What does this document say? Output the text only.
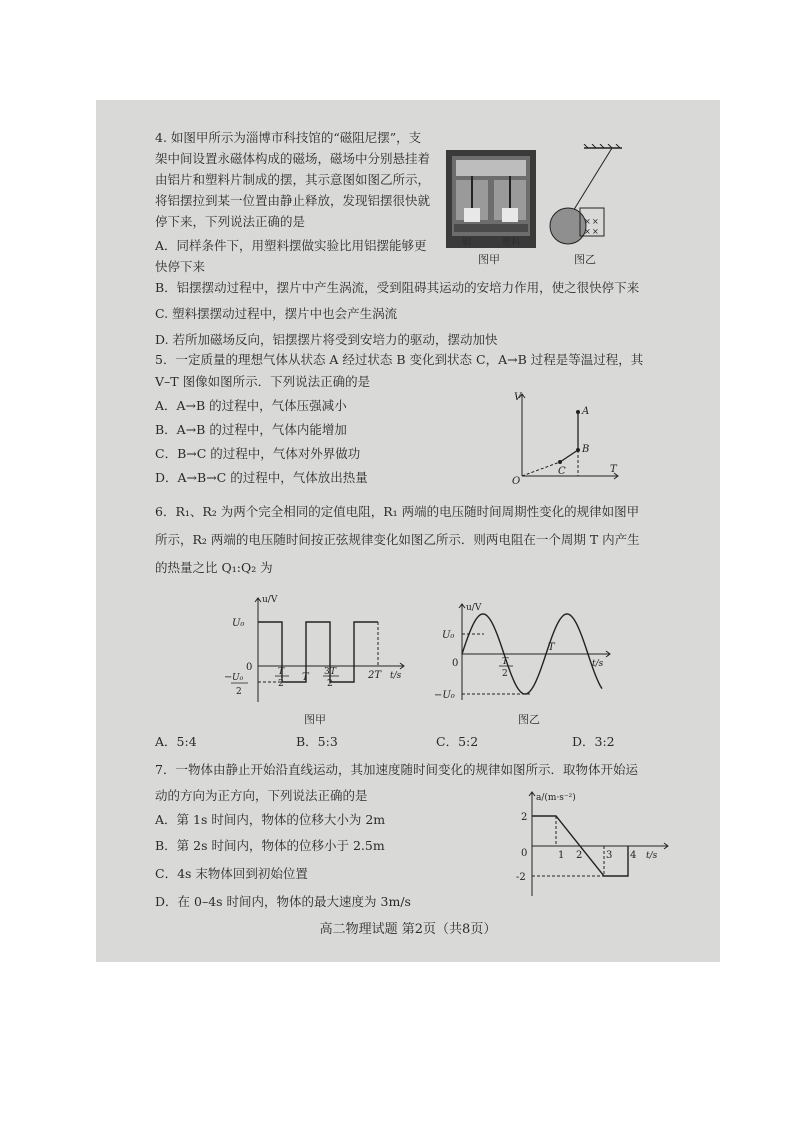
4. 如图甲所示为淄博市科技馆的“磁阻尼摆”，支
架中间设置永磁体构成的磁场，磁场中分别悬挂着
由铝片和塑料片制成的摆，其示意图如图乙所示，
将铝摆拉到某一位置由静止释放，发现铝摆很快就
停下来，下列说法正确的是
A．同样条件下，用塑料摆做实验比用铝摆能够更
快停下来
B．铝摆摆动过程中，摆片中产生涡流，受到阻碍其运动的安培力作用，使之很快停下来
C. 塑料摆摆动过程中，摆片中也会产生涡流
D. 若所加磁场反向，铝摆摆片将受到安培力的驱动，摆动加快
铝	塑料
图甲
× ×
× ×
图乙
5．一定质量的理想气体从状态 A 经过状态 B 变化到状态 C，A→B 过程是等温过程，其
V–T 图像如图所示．下列说法正确的是
A．A→B 的过程中，气体压强减小
B．A→B 的过程中，气体内能增加
C．B→C 的过程中，气体对外界做功
D．A→B→C 的过程中，气体放出热量
V
T
O
A
B
C
6．R₁、R₂ 为两个完全相同的定值电阻，R₁ 两端的电压随时间周期性变化的规律如图甲
所示，R₂ 两端的电压随时间按正弦规律变化如图乙所示．则两电阻在一个周期 T 内产生
的热量之比 Q₁:Q₂ 为
u/V
U₀
0
− U₀
2
T
2
T 3 T
2
2T t/s
图甲
u/V
U₀
0
−U₀
T
2
T
t/s
图乙
A．5:4	B．5:3	C．5:2	D．3:2
7．一物体由静止开始沿直线运动，其加速度随时间变化的规律如图所示．取物体开始运
动的方向为正方向，下列说法正确的是
A．第 1s 时间内，物体的位移大小为 2m
B．第 2s 时间内，物体的位移小于 2.5m
C．4s 末物体回到初始位置
D．在 0–4s 时间内，物体的最大速度为 3m/s
a/(m·s⁻²)
2
-2
0	1 2 3 4 t/s
高二物理试题 第2页（共8页）
